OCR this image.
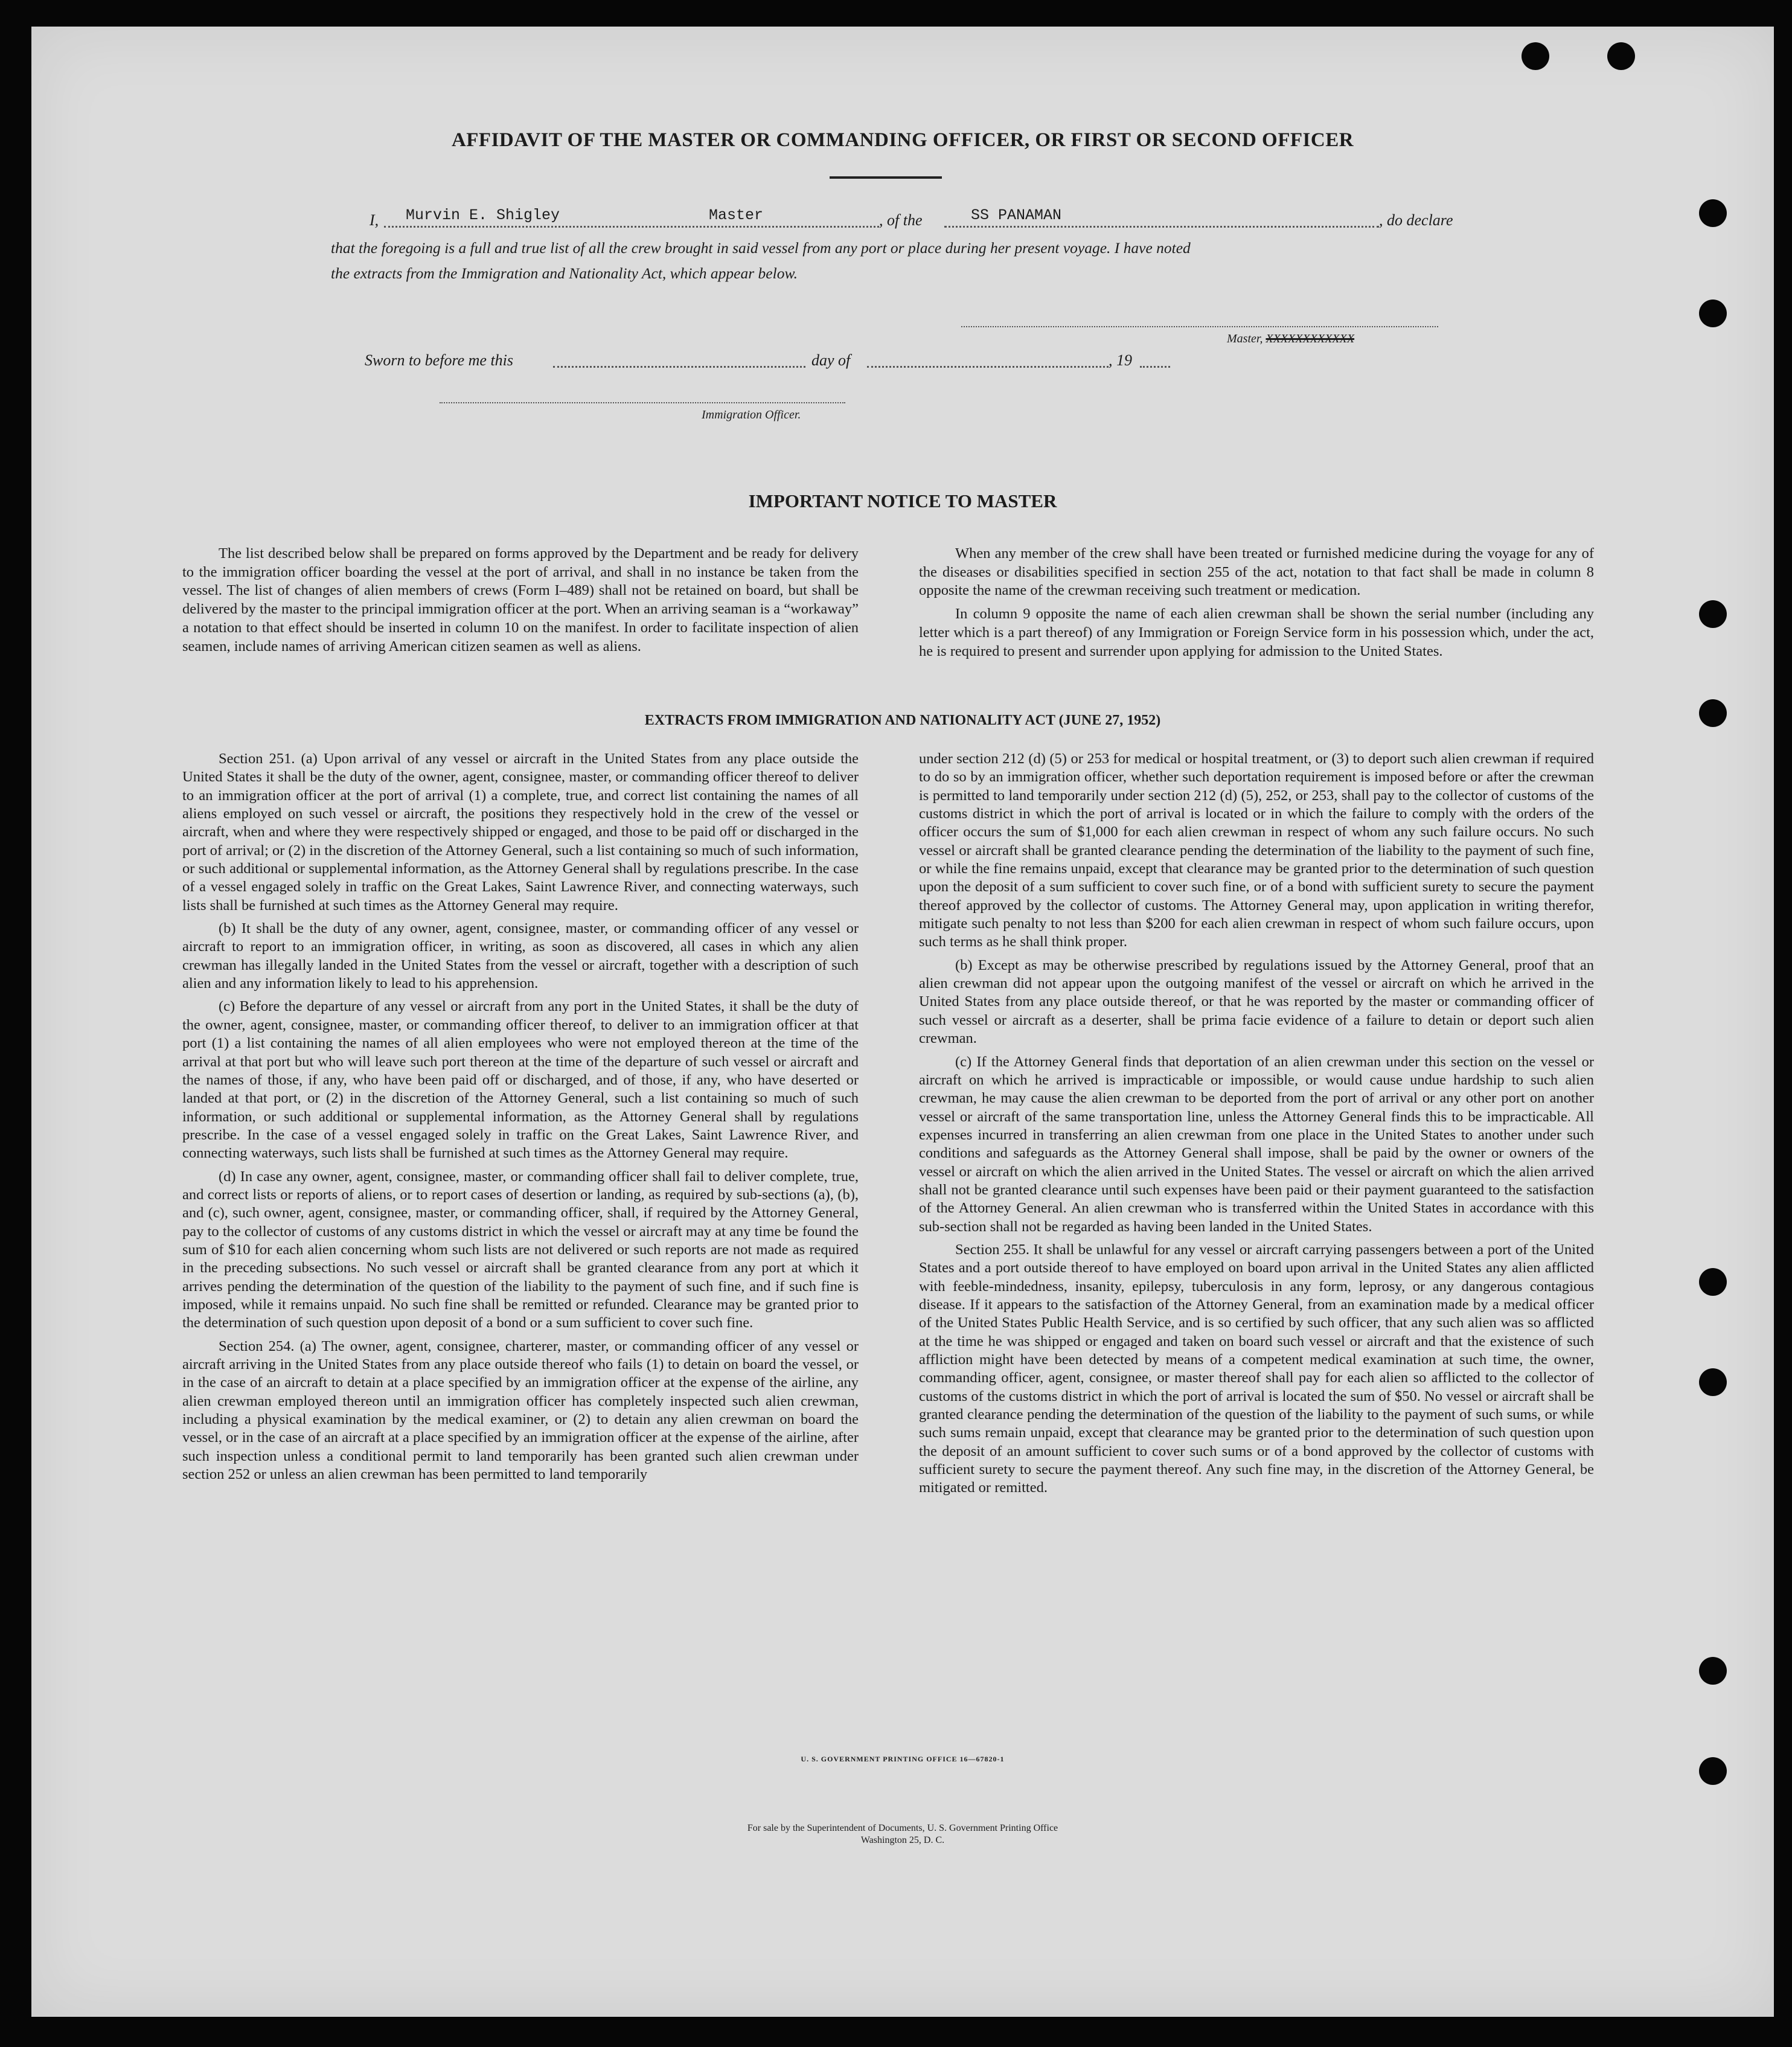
AFFIDAVIT OF THE MASTER OR COMMANDING OFFICER, OR FIRST OR SECOND OFFICER
I, Murvin E. Shigley	Master	, of the	SS PANAMAN	, do declare
that the foregoing is a full and true list of all the crew brought in said vessel from any port or place during her present voyage. I have noted
the extracts from the Immigration and Nationality Act, which appear below.
Master, XXXXXXXXXXXX
Sworn to before me this	day of	, 19
Immigration Officer.
IMPORTANT NOTICE TO MASTER

The list described below shall be prepared on forms approved by the Department and be ready for delivery to the immigration officer boarding the vessel at the port of arrival, and shall in no instance be taken from the vessel. The list of changes of alien members of crews (Form I–489) shall not be retained on board, but shall be delivered by the master to the principal immigration officer at the port. When an arriving seaman is a “workaway” a notation to that effect should be inserted in column 10 on the manifest. In order to facilitate inspection of alien seamen, include names of arriving American citizen seamen as well as aliens.

When any member of the crew shall have been treated or furnished medicine during the voyage for any of the diseases or disabilities specified in section 255 of the act, notation to that fact shall be made in column 8 opposite the name of the crewman receiving such treatment or medication.

In column 9 opposite the name of each alien crewman shall be shown the serial number (including any letter which is a part thereof) of any Immigration or Foreign Service form in his possession which, under the act, he is required to present and surrender upon applying for admission to the United States.

EXTRACTS FROM IMMIGRATION AND NATIONALITY ACT (JUNE 27, 1952)

Section 251. (a) Upon arrival of any vessel or aircraft in the United States from any place outside the United States it shall be the duty of the owner, agent, consignee, master, or commanding officer thereof to deliver to an immigration officer at the port of arrival (1) a complete, true, and correct list containing the names of all aliens employed on such vessel or aircraft, the positions they respectively hold in the crew of the vessel or aircraft, when and where they were respectively shipped or engaged, and those to be paid off or discharged in the port of arrival; or (2) in the discretion of the Attorney General, such a list containing so much of such information, or such additional or supplemental information, as the Attorney General shall by regulations prescribe. In the case of a vessel engaged solely in traffic on the Great Lakes, Saint Lawrence River, and connecting waterways, such lists shall be furnished at such times as the Attorney General may require.

(b) It shall be the duty of any owner, agent, consignee, master, or commanding officer of any vessel or aircraft to report to an immigration officer, in writing, as soon as discovered, all cases in which any alien crewman has illegally landed in the United States from the vessel or aircraft, together with a description of such alien and any information likely to lead to his apprehension.

(c) Before the departure of any vessel or aircraft from any port in the United States, it shall be the duty of the owner, agent, consignee, master, or commanding officer thereof, to deliver to an immigration officer at that port (1) a list containing the names of all alien employees who were not employed thereon at the time of the arrival at that port but who will leave such port thereon at the time of the departure of such vessel or aircraft and the names of those, if any, who have been paid off or discharged, and of those, if any, who have deserted or landed at that port, or (2) in the discretion of the Attorney General, such a list containing so much of such information, or such additional or supplemental information, as the Attorney General shall by regulations prescribe. In the case of a vessel engaged solely in traffic on the Great Lakes, Saint Lawrence River, and connecting waterways, such lists shall be furnished at such times as the Attorney General may require.

(d) In case any owner, agent, consignee, master, or commanding officer shall fail to deliver complete, true, and correct lists or reports of aliens, or to report cases of desertion or landing, as required by sub-sections (a), (b), and (c), such owner, agent, consignee, master, or commanding officer, shall, if required by the Attorney General, pay to the collector of customs of any customs district in which the vessel or aircraft may at any time be found the sum of $10 for each alien concerning whom such lists are not delivered or such reports are not made as required in the preceding subsections. No such vessel or aircraft shall be granted clearance from any port at which it arrives pending the determination of the question of the liability to the payment of such fine, and if such fine is imposed, while it remains unpaid. No such fine shall be remitted or refunded. Clearance may be granted prior to the determination of such question upon deposit of a bond or a sum sufficient to cover such fine.

Section 254. (a) The owner, agent, consignee, charterer, master, or commanding officer of any vessel or aircraft arriving in the United States from any place outside thereof who fails (1) to detain on board the vessel, or in the case of an aircraft to detain at a place specified by an immigration officer at the expense of the airline, any alien crewman employed thereon until an immigration officer has completely inspected such alien crewman, including a physical examination by the medical examiner, or (2) to detain any alien crewman on board the vessel, or in the case of an aircraft at a place specified by an immigration officer at the expense of the airline, after such inspection unless a conditional permit to land temporarily has been granted such alien crewman under section 252 or unless an alien crewman has been permitted to land temporarily

under section 212 (d) (5) or 253 for medical or hospital treatment, or (3) to deport such alien crewman if required to do so by an immigration officer, whether such deportation requirement is imposed before or after the crewman is permitted to land temporarily under section 212 (d) (5), 252, or 253, shall pay to the collector of customs of the customs district in which the port of arrival is located or in which the failure to comply with the orders of the officer occurs the sum of $1,000 for each alien crewman in respect of whom any such failure occurs. No such vessel or aircraft shall be granted clearance pending the determination of the liability to the payment of such fine, or while the fine remains unpaid, except that clearance may be granted prior to the determination of such question upon the deposit of a sum sufficient to cover such fine, or of a bond with sufficient surety to secure the payment thereof approved by the collector of customs. The Attorney General may, upon application in writing therefor, mitigate such penalty to not less than $200 for each alien crewman in respect of whom such failure occurs, upon such terms as he shall think proper.

(b) Except as may be otherwise prescribed by regulations issued by the Attorney General, proof that an alien crewman did not appear upon the outgoing manifest of the vessel or aircraft on which he arrived in the United States from any place outside thereof, or that he was reported by the master or commanding officer of such vessel or aircraft as a deserter, shall be prima facie evidence of a failure to detain or deport such alien crewman.

(c) If the Attorney General finds that deportation of an alien crewman under this section on the vessel or aircraft on which he arrived is impracticable or impossible, or would cause undue hardship to such alien crewman, he may cause the alien crewman to be deported from the port of arrival or any other port on another vessel or aircraft of the same transportation line, unless the Attorney General finds this to be impracticable. All expenses incurred in transferring an alien crewman from one place in the United States to another under such conditions and safeguards as the Attorney General shall impose, shall be paid by the owner or owners of the vessel or aircraft on which the alien arrived in the United States. The vessel or aircraft on which the alien arrived shall not be granted clearance until such expenses have been paid or their payment guaranteed to the satisfaction of the Attorney General. An alien crewman who is transferred within the United States in accordance with this sub-section shall not be regarded as having been landed in the United States.

Section 255. It shall be unlawful for any vessel or aircraft carrying passengers between a port of the United States and a port outside thereof to have employed on board upon arrival in the United States any alien afflicted with feeble-mindedness, insanity, epilepsy, tuberculosis in any form, leprosy, or any dangerous contagious disease. If it appears to the satisfaction of the Attorney General, from an examination made by a medical officer of the United States Public Health Service, and is so certified by such officer, that any such alien was so afflicted at the time he was shipped or engaged and taken on board such vessel or aircraft and that the existence of such affliction might have been detected by means of a competent medical examination at such time, the owner, commanding officer, agent, consignee, or master thereof shall pay for each alien so afflicted to the collector of customs of the customs district in which the port of arrival is located the sum of $50. No vessel or aircraft shall be granted clearance pending the determination of the question of the liability to the payment of such sums, or while such sums remain unpaid, except that clearance may be granted prior to the determination of such question upon the deposit of an amount sufficient to cover such sums or of a bond approved by the collector of customs with sufficient surety to secure the payment thereof. Any such fine may, in the discretion of the Attorney General, be mitigated or remitted.

U. S. GOVERNMENT PRINTING OFFICE 16—67820-1
For sale by the Superintendent of Documents, U. S. Government Printing Office
Washington 25, D. C.
